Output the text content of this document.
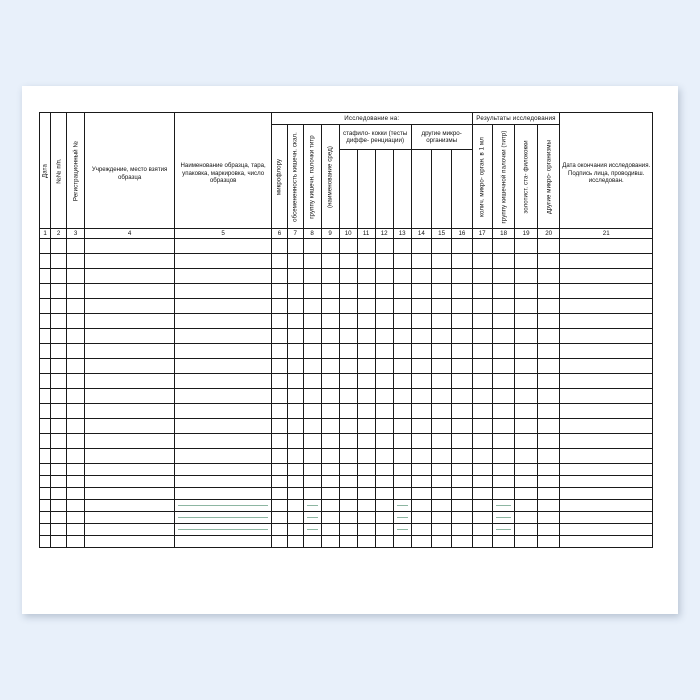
Дата	№№ п/п.	Регистрационный №	Учреждение, место взятия образца	Наименование образца, тара, упаковка, маркировка, число образцов	Исследование на:											Результаты исследования				Дата окончания исследования. Подпись лица, проводивш. исследован.

					микрофлору	обсемененность кишечн. скал.	группу кишечн. палочки титр	(наименование сред)	стафило- кокки (тесты диффе- ренциации)				другие микро- организмы			колич. микро- орган. в 1 мл	группу кишечной палочки (титр)	золотист. ста- филококки	другие микро- организмы	

1	2	3	4	5	6	7	8	9	10	11	12	13	14	15	16	17	18	19	20	21
